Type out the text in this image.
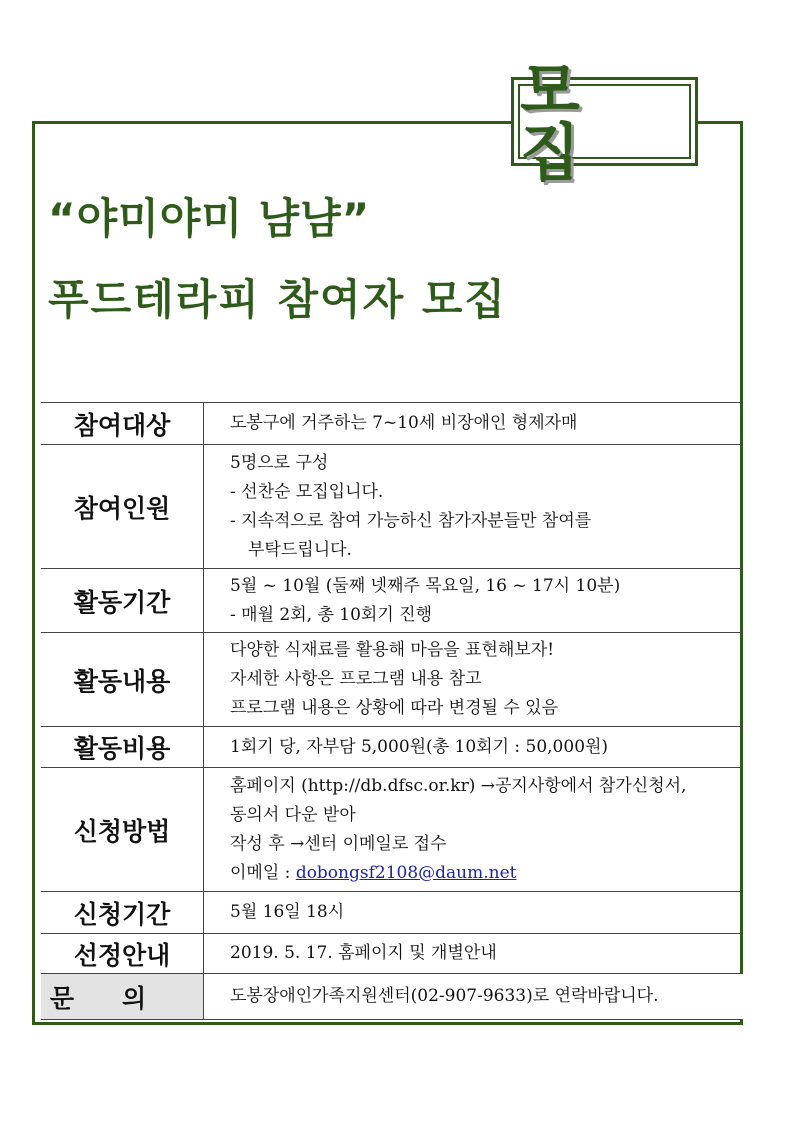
모 집
“야미야미 냠냠”
푸드테라피 참여자 모집
참여대상	도봉구에 거주하는 7~10세 비장애인 형제자매

참여인원	5명으로 구성
- 선찬순 모집입니다.
- 지속적으로 참여 가능하신 참가자분들만 참여를
부탁드립니다.

활동기간	5월 ~ 10월 (둘째 넷째주 목요일, 16 ~ 17시 10분)
- 매월 2회, 총 10회기 진행

활동내용	다양한 식재료를 활용해 마음을 표현해보자!
자세한 사항은 프로그램 내용 참고
프로그램 내용은 상황에 따라 변경될 수 있음

활동비용	1회기 당, 자부담 5,000원(총 10회기 : 50,000원)

신청방법	홈페이지 (http://db.dfsc.or.kr) →공지사항에서 참가신청서,
동의서 다운 받아
작성 후 →센터 이메일로 접수
이메일 : dobongsf2108@daum.net

신청기간	5월 16일 18시

선정안내	2019. 5. 17. 홈페이지 및 개별안내

문의	도봉장애인가족지원센터(02-907-9633)로 연락바랍니다.
